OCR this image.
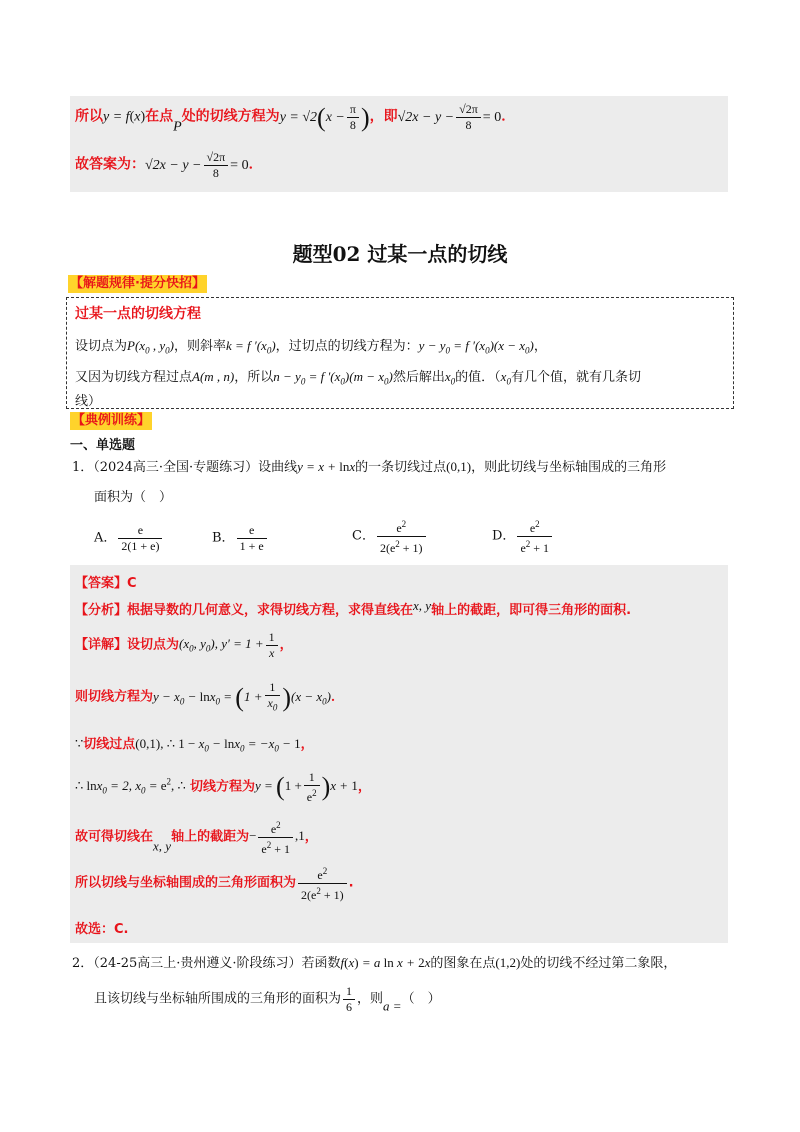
所以y = f(x)在点P处的切线方程为$y = √2(x - \frac{\pi}{8}$ )，即$√2x - y - \frac{√2\pi}{8} = 0$．
故答案为：$√2x - y - \frac{√2\pi}{8} = 0$．
题型02 过某一点的切线
【解题规律·提分快招】
过某一点的切线方程
设切点为$P(x_0$ , $y_0$)，则斜率k = f $'(x_0)$，过切点的切线方程为：$y - y_0 = f$ $'(x_0)(x - x_0)$，
又因为切线方程过点A(m , n)，所以$n - y_0 = f$ $'(x_0)(m - x_0)$然后解出$x_0$的值．（$x_0$有几个值，就有几条切
线）
【典例训练】
一、单选题
1．（2024高三·全国·专题练习）设曲线y = x + lnx的一条切线过点(0,1)，则此切线与坐标轴围成的三角形
面积为（　）
A． $\frac{e}{2(1 + e)}$	B． $\frac{e}{1 + e}$	C． $\frac{e^2}{2(e^2 + 1)}$	D． $\frac{e^2}{e^2 + 1}$
【答案】C
【分析】根据导数的几何意义，求得切线方程，求得直线在x, y轴上的截距，即可得三角形的面积.
【详解】设切点为($x_0$, $y_0$), $y' = 1 + \frac{1}{x}$ ，
则切线方程为$y - x_0 - \ln x_0 = (1 + \frac{1}{x_0} )(x - x_0)$．
∵切线过点(0,1), ∴ $1 - x_0 - \ln x_0 = -x_0 - 1$，
∴ lnx$_0$ = 2, $x_0 = e^2$, ∴ 切线方程为$y = (1 + \frac{1}{e^2} )x + 1$，
故可得切线在x, y轴上的截距为− $\frac{e^2}{e^2 + 1} ,1$，
所以切线与坐标轴围成的三角形面积为 $\frac{e^2}{2(e^2 + 1)}$ .
故选：C.
2．（24-25高三上·贵州遵义·阶段练习）若函数f(x) = a ln x + 2x的图象在点(1,2)处的切线不经过第二象限，
且该切线与坐标轴所围成的三角形的面积为 $\frac{1}{6}$ ，则a =（　）
